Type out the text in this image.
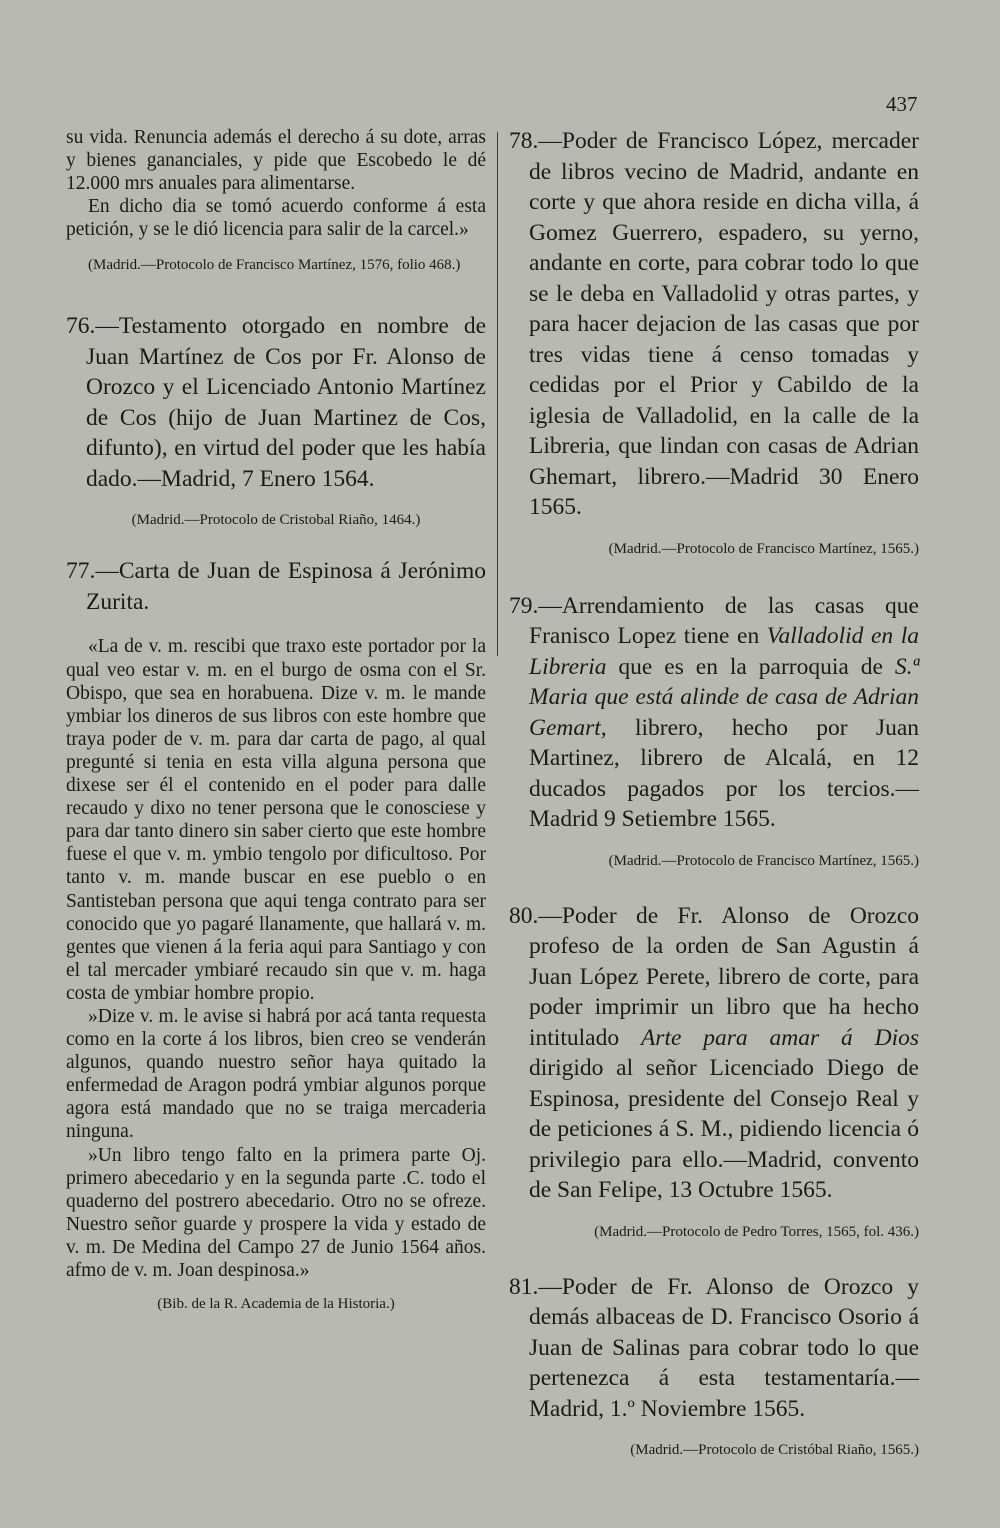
437

su vida. Renuncia además el derecho á su dote, arras y bienes gananciales, y pide que Escobedo le dé 12.000 mrs anuales para alimentarse.

En dicho dia se tomó acuerdo conforme á esta petición, y se le dió licencia para salir de la carcel.»

(Madrid.—Protocolo de Francisco Martínez, 1576, folio 468.)

76.—Testamento otorgado en nombre de Juan Martínez de Cos por Fr. Alonso de Orozco y el Licenciado Antonio Martínez de Cos (hijo de Juan Martinez de Cos, difunto), en virtud del poder que les había dado.—Madrid, 7 Enero 1564.

(Madrid.—Protocolo de Cristobal Riaño, 1464.)

77.—Carta de Juan de Espinosa á Jerónimo Zurita.

«La de v. m. rescibi que traxo este portador por la qual veo estar v. m. en el burgo de osma con el Sr. Obispo, que sea en horabuena. Dize v. m. le mande ymbiar los dineros de sus libros con este hombre que traya poder de v. m. para dar carta de pago, al qual pregunté si tenia en esta villa alguna persona que dixese ser él el contenido en el poder para dalle recaudo y dixo no tener persona que le conosciese y para dar tanto dinero sin saber cierto que este hombre fuese el que v. m. ymbio tengolo por dificultoso. Por tanto v. m. mande buscar en ese pueblo o en Santisteban persona que aqui tenga contrato para ser conocido que yo pagaré llanamente, que hallará v. m. gentes que vienen á la feria aqui para Santiago y con el tal mercader ymbiaré recaudo sin que v. m. haga costa de ymbiar hombre propio.

»Dize v. m. le avise si habrá por acá tanta requesta como en la corte á los libros, bien creo se venderán algunos, quando nuestro señor haya quitado la enfermedad de Aragon podrá ymbiar algunos porque agora está mandado que no se traiga mercaderia ninguna.

»Un libro tengo falto en la primera parte Oj. primero abecedario y en la segunda parte .C. todo el quaderno del postrero abecedario. Otro no se ofreze. Nuestro señor guarde y prospere la vida y estado de v. m. De Medina del Campo 27 de Junio 1564 años. afmo de v. m. Joan despinosa.»

(Bib. de la R. Academia de la Historia.)

78.—Poder de Francisco López, mercader de libros vecino de Madrid, andante en corte y que ahora reside en dicha villa, á Gomez Guerrero, espadero, su yerno, andante en corte, para cobrar todo lo que se le deba en Valladolid y otras partes, y para hacer dejacion de las casas que por tres vidas tiene á censo tomadas y cedidas por el Prior y Cabildo de la iglesia de Valladolid, en la calle de la Libreria, que lindan con casas de Adrian Ghemart, librero.—Madrid 30 Enero 1565.

(Madrid.—Protocolo de Francisco Martínez, 1565.)

79.—Arrendamiento de las casas que Franisco Lopez tiene en Valladolid en la Libreria que es en la parroquia de S.ª Maria que está alinde de casa de Adrian Gemart, librero, hecho por Juan Martinez, librero de Alcalá, en 12 ducados pagados por los tercios.—Madrid 9 Setiembre 1565.

(Madrid.—Protocolo de Francisco Martínez, 1565.)

80.—Poder de Fr. Alonso de Orozco profeso de la orden de San Agustin á Juan López Perete, librero de corte, para poder imprimir un libro que ha hecho intitulado Arte para amar á Dios dirigido al señor Licenciado Diego de Espinosa, presidente del Consejo Real y de peticiones á S. M., pidiendo licencia ó privilegio para ello.—Madrid, convento de San Felipe, 13 Octubre 1565.

(Madrid.—Protocolo de Pedro Torres, 1565, fol. 436.)

81.—Poder de Fr. Alonso de Orozco y demás albaceas de D. Francisco Osorio á Juan de Salinas para cobrar todo lo que pertenezca á esta testamentaría.—Madrid, 1.º Noviembre 1565.

(Madrid.—Protocolo de Cristóbal Riaño, 1565.)
